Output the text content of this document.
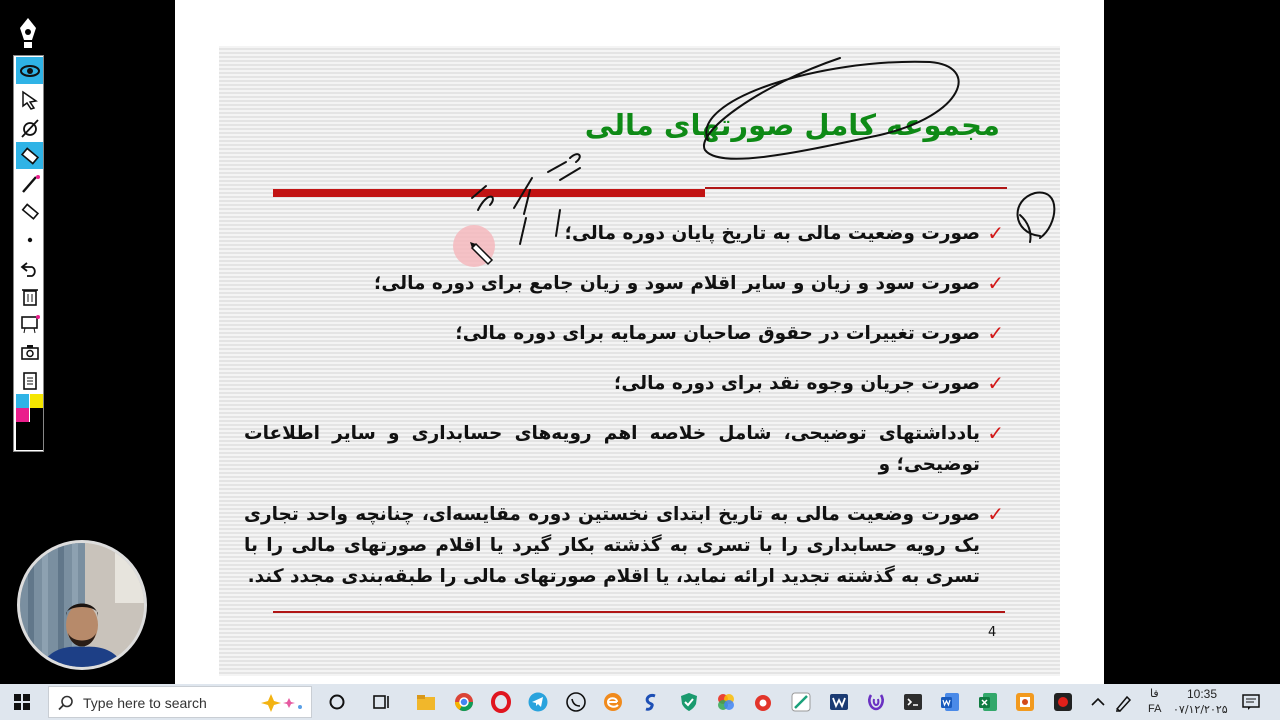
مجموعه کامل صورتهای مالی
✓
صورت وضعیت مالی به تاریخ پایان دوره مالی؛
✓
صورت سود و زیان و سایر اقلام سود و زیان جامع برای دوره مالی؛
✓
صورت تغییرات در حقوق صاحبان سرمایه برای دوره مالی؛
✓
صورت جریان وجوه نقد برای دوره مالی؛
✓
یادداشتهای توضیحی، شامل خلاصه اهم رویه‌های حسابداری و سایر اطلاعات توضیحی؛ و
✓
صورت وضعیت مالی به تاریخ ابتدای نخستین دوره مقایسه‌ای، چنانچه واحد تجاری یک رویه حسابداری را با تسری به گذشته بکار گیرد یا اقلام صورتهای مالی را با تسری به گذشته تجدید ارائه نماید، یا اقلام صورتهای مالی را طبقه‌بندی مجدد کند.
4
Type here to search
فا
FA
10:35
۰۷/۱۲/۲۰۲۵
